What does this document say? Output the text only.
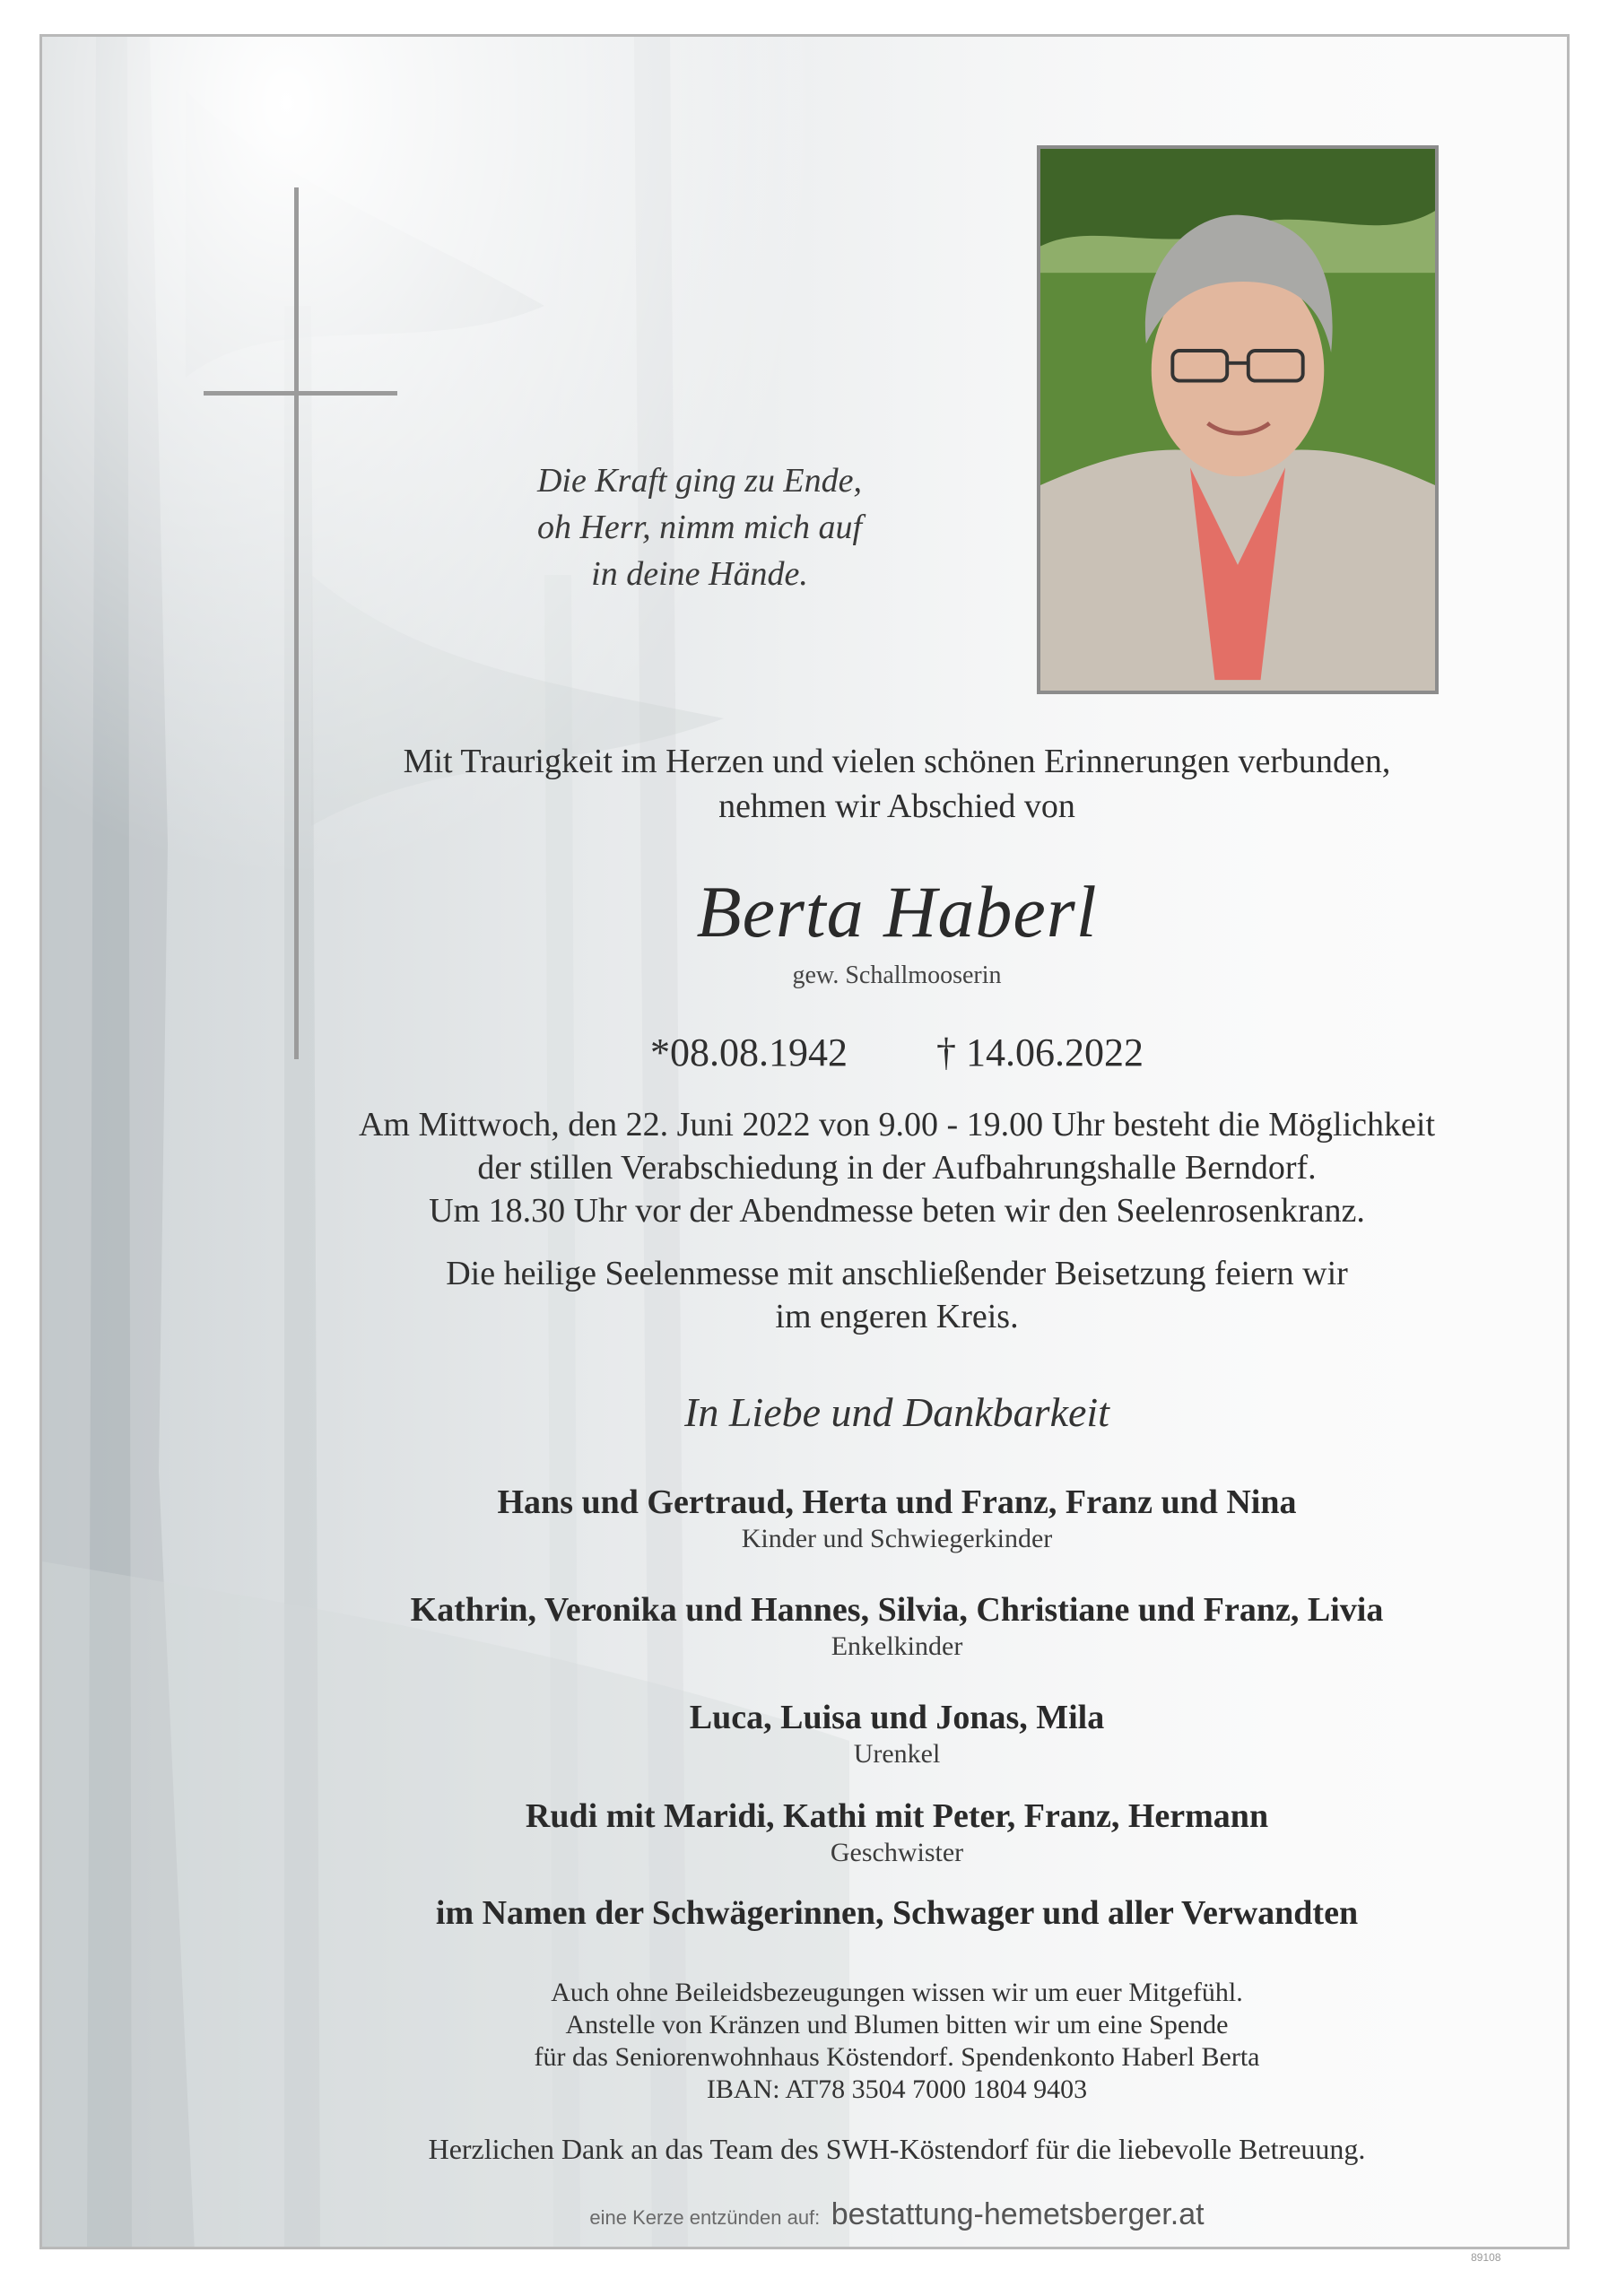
Die Kraft ging zu Ende,
oh Herr, nimm mich auf
in deine Hände.
Mit Traurigkeit im Herzen und vielen schönen Erinnerungen verbunden,
nehmen wir Abschied von
Berta Haberl
gew. Schallmooserin
*08.08.1942 † 14.06.2022
Am Mittwoch, den 22. Juni 2022 von 9.00 - 19.00 Uhr besteht die Möglichkeit
der stillen Verabschiedung in der Aufbahrungshalle Berndorf.
Um 18.30 Uhr vor der Abendmesse beten wir den Seelenrosenkranz.
Die heilige Seelenmesse mit anschließender Beisetzung feiern wir
im engeren Kreis.
In Liebe und Dankbarkeit
Hans und Gertraud, Herta und Franz, Franz und Nina
Kinder und Schwiegerkinder
Kathrin, Veronika und Hannes, Silvia, Christiane und Franz, Livia
Enkelkinder
Luca, Luisa und Jonas, Mila
Urenkel
Rudi mit Maridi, Kathi mit Peter, Franz, Hermann
Geschwister
im Namen der Schwägerinnen, Schwager und aller Verwandten
Auch ohne Beileidsbezeugungen wissen wir um euer Mitgefühl.
Anstelle von Kränzen und Blumen bitten wir um eine Spende
für das Seniorenwohnhaus Köstendorf. Spendenkonto Haberl Berta
IBAN: AT78 3504 7000 1804 9403
Herzlichen Dank an das Team des SWH-Köstendorf für die liebevolle Betreuung.
eine Kerze entzünden auf: bestattung-hemetsberger.at
89108
